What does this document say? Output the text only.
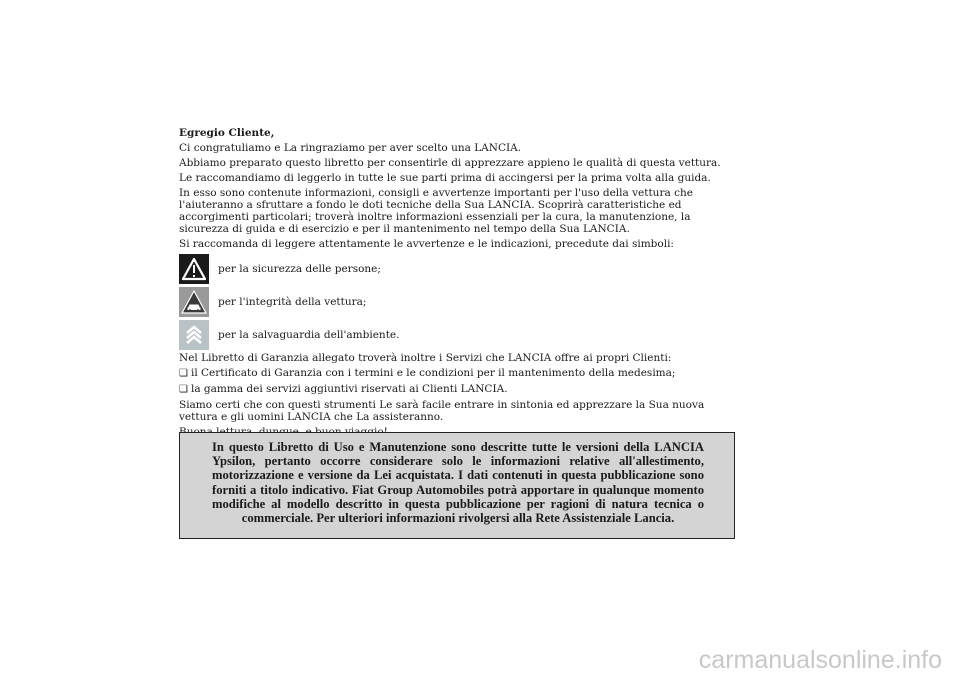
Egregio Cliente,

Ci congratuliamo e La ringraziamo per aver scelto una LANCIA.

Abbiamo preparato questo libretto per consentirle di apprezzare appieno le qualità di questa vettura.

Le raccomandiamo di leggerlo in tutte le sue parti prima di accingersi per la prima volta alla guida.

In esso sono contenute informazioni, consigli e avvertenze importanti per l'uso della vettura che l'aiuteranno a sfruttare a fondo le doti tecniche della Sua LANCIA. Scoprirà caratteristiche ed accorgimenti particolari; troverà inoltre informazioni essenziali per la cura, la manutenzione, la sicurezza di guida e di esercizio e per il mantenimento nel tempo della Sua LANCIA.

Si raccomanda di leggere attentamente le avvertenze e le indicazioni, precedute dai simboli:

per la sicurezza delle persone;
per l'integrità della vettura;
per la salvaguardia dell'ambiente.

Nel Libretto di Garanzia allegato troverà inoltre i Servizi che LANCIA offre ai propri Clienti:

❏ il Certificato di Garanzia con i termini e le condizioni per il mantenimento della medesima;

❏ la gamma dei servizi aggiuntivi riservati ai Clienti LANCIA.

Siamo certi che con questi strumenti Le sarà facile entrare in sintonia ed apprezzare la Sua nuova vettura e gli uomini LANCIA che La assisteranno.

In questo Libretto di Uso e Manutenzione sono descritte tutte le versioni della LANCIA Ypsilon, pertanto occorre considerare solo le informazioni relative all'allestimento, motorizzazione e versione da Lei acquistata. I dati contenuti in questa pubblicazione sono forniti a titolo indicativo. Fiat Group Automobiles potrà apportare in qualunque momento modifiche al modello descritto in questa pubblicazione per ragioni di natura tecnica o commerciale. Per ulteriori informazioni rivolgersi alla Rete Assistenziale Lancia.
carmanualsonline.info
